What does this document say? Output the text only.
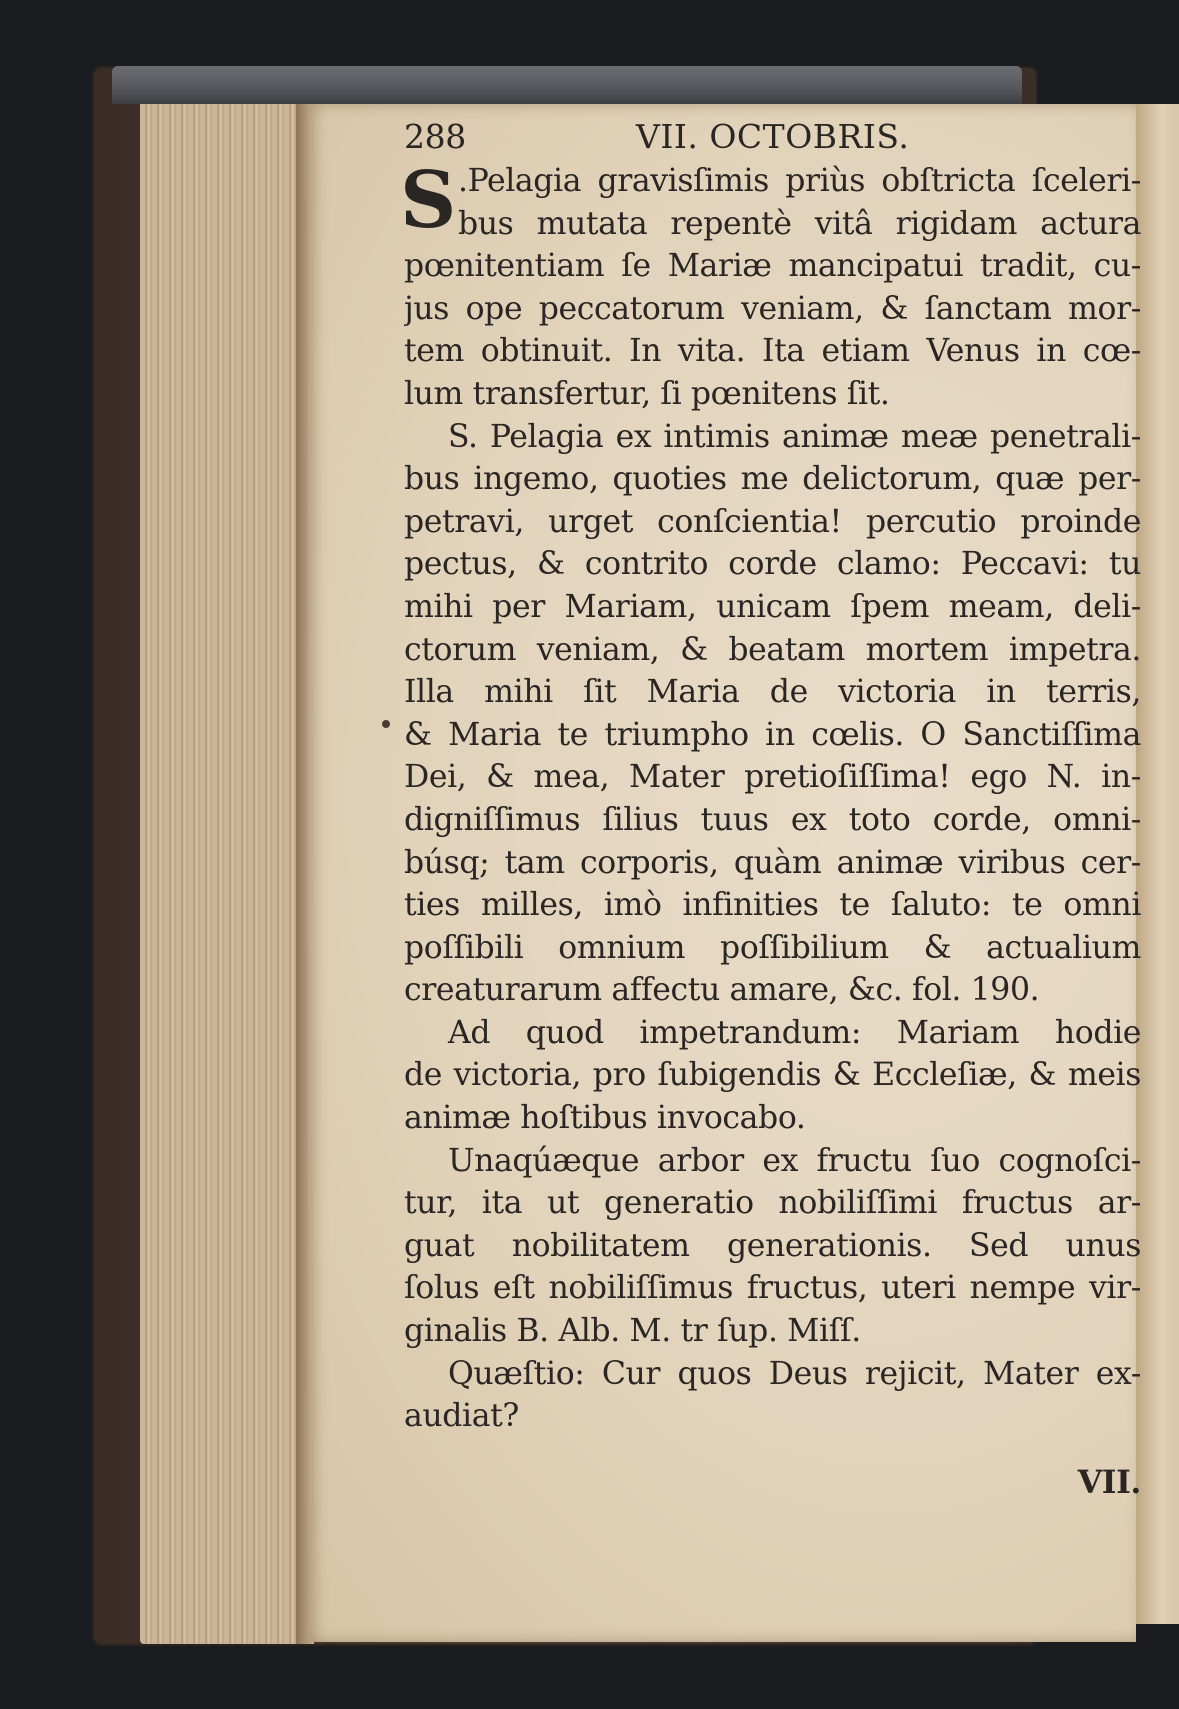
288	VII. OCTOBRIS.
S .Pelagia gravisſimis priùs obſtricta ſceleri-
bus mutata repentè vitâ rigidam actura
pœnitentiam ſe Mariæ mancipatui tradit, cu-
jus ope peccatorum veniam, & ſanctam mor-
tem obtinuit. In vita. Ita etiam Venus in cœ-
lum transfertur, ſi pœnitens ſit.
S. Pelagia ex intimis animæ meæ penetrali-
bus ingemo, quoties me delictorum, quæ per-
petravi, urget conſcientia! percutio proinde
pectus, & contrito corde clamo: Peccavi: tu
mihi per Mariam, unicam ſpem meam, deli-
ctorum veniam, & beatam mortem impetra.
Illa mihi ſit Maria de victoria in terris,
& Maria te triumpho in cœlis. O Sanctiſſima
Dei, & mea, Mater pretioſiſſima! ego N. in-
digniſſimus ſilius tuus ex toto corde, omni-
búsq; tam corporis, quàm animæ viribus cer-
ties milles, imò infinities te ſaluto: te omni
poſſibili omnium poſſibilium & actualium
creaturarum affectu amare, &c. fol. 190.
Ad quod impetrandum: Mariam hodie
de victoria, pro ſubigendis & Eccleſiæ, & meis
animæ hoſtibus invocabo.
Unaqúæque arbor ex fructu ſuo cognoſci-
tur, ita ut generatio nobiliſſimi fructus ar-
guat nobilitatem generationis. Sed unus
ſolus eſt nobiliſſimus fructus, uteri nempe vir-
ginalis B. Alb. M. tr ſup. Miſſ.
Quæſtio: Cur quos Deus rejicit, Mater ex-
audiat?
VII.
